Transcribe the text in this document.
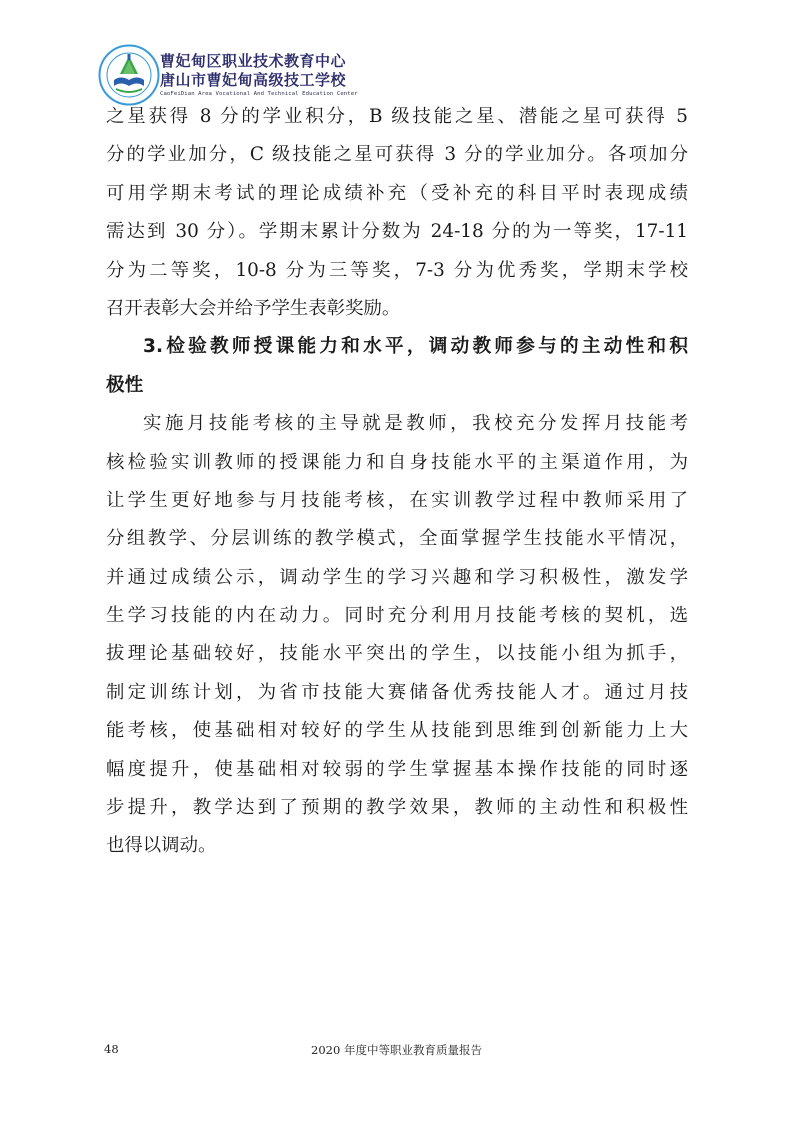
曹妃甸区职业技术教育中心
唐山市曹妃甸高级技工学校
CaoFeiDian Area Vocational And Technical Education Center
之星获得 8 分的学业积分，B 级技能之星、潜能之星可获得 5
分的学业加分，C 级技能之星可获得 3 分的学业加分。各项加分
可用学期末考试的理论成绩补充（受补充的科目平时表现成绩
需达到 30 分）。学期末累计分数为 24-18 分的为一等奖，17-11
分为二等奖，10-8 分为三等奖，7-3 分为优秀奖，学期末学校
召开表彰大会并给予学生表彰奖励。
3.检验教师授课能力和水平，调动教师参与的主动性和积
极性
实施月技能考核的主导就是教师，我校充分发挥月技能考
核检验实训教师的授课能力和自身技能水平的主渠道作用，为
让学生更好地参与月技能考核，在实训教学过程中教师采用了
分组教学、分层训练的教学模式，全面掌握学生技能水平情况，
并通过成绩公示，调动学生的学习兴趣和学习积极性，激发学
生学习技能的内在动力。同时充分利用月技能考核的契机，选
拔理论基础较好，技能水平突出的学生，以技能小组为抓手，
制定训练计划，为省市技能大赛储备优秀技能人才。通过月技
能考核，使基础相对较好的学生从技能到思维到创新能力上大
幅度提升，使基础相对较弱的学生掌握基本操作技能的同时逐
步提升，教学达到了预期的教学效果，教师的主动性和积极性
也得以调动。
48	2020 年度中等职业教育质量报告
